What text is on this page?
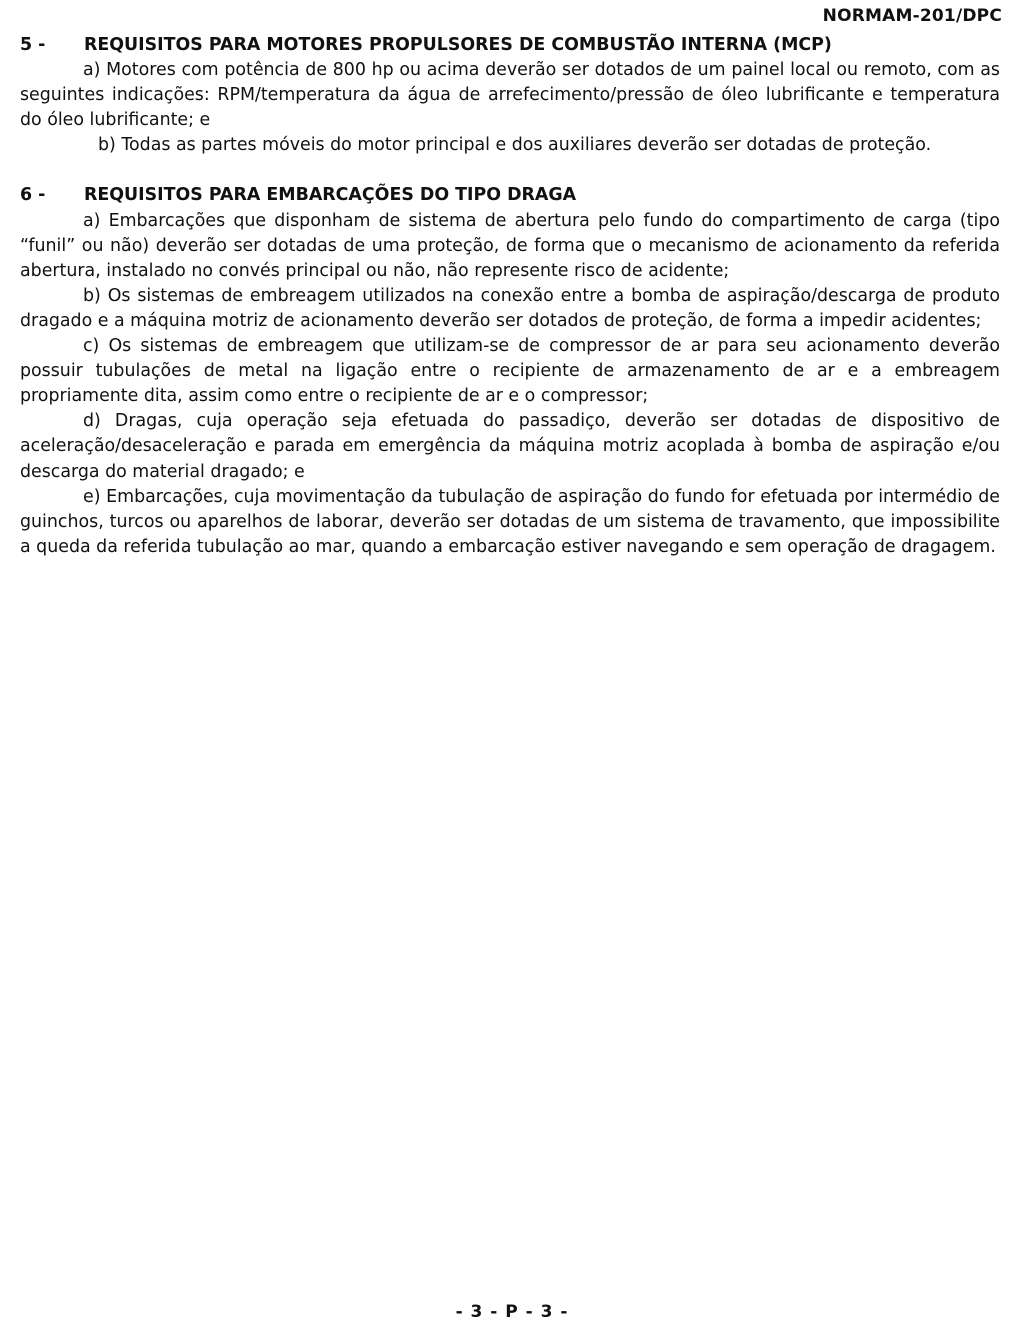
NORMAM-201/DPC

5 -	REQUISITOS PARA MOTORES PROPULSORES DE COMBUSTÃO INTERNA (MCP)

a) Motores com potência de 800 hp ou acima deverão ser dotados de um painel local ou remoto, com as seguintes indicações: RPM/temperatura da água de arrefecimento/pressão de óleo lubrificante e temperatura do óleo lubrificante; e

b) Todas as partes móveis do motor principal e dos auxiliares deverão ser dotadas de proteção.

6 -	REQUISITOS PARA EMBARCAÇÕES DO TIPO DRAGA

a) Embarcações que disponham de sistema de abertura pelo fundo do compartimento de carga (tipo “funil” ou não) deverão ser dotadas de uma proteção, de forma que o mecanismo de acionamento da referida abertura, instalado no convés principal ou não, não represente risco de acidente;

b) Os sistemas de embreagem utilizados na conexão entre a bomba de aspiração/descarga de produto dragado e a máquina motriz de acionamento deverão ser dotados de proteção, de forma a impedir acidentes;

c) Os sistemas de embreagem que utilizam-se de compressor de ar para seu acionamento deverão possuir tubulações de metal na ligação entre o recipiente de armazenamento de ar e a embreagem propriamente dita, assim como entre o recipiente de ar e o compressor;

d) Dragas, cuja operação seja efetuada do passadiço, deverão ser dotadas de dispositivo de aceleração/desaceleração e parada em emergência da máquina motriz acoplada à bomba de aspiração e/ou descarga do material dragado; e

e) Embarcações, cuja movimentação da tubulação de aspiração do fundo for efetuada por intermédio de guinchos, turcos ou aparelhos de laborar, deverão ser dotadas de um sistema de travamento, que impossibilite a queda da referida tubulação ao mar, quando a embarcação estiver navegando e sem operação de dragagem.

- 3 - P - 3 -
